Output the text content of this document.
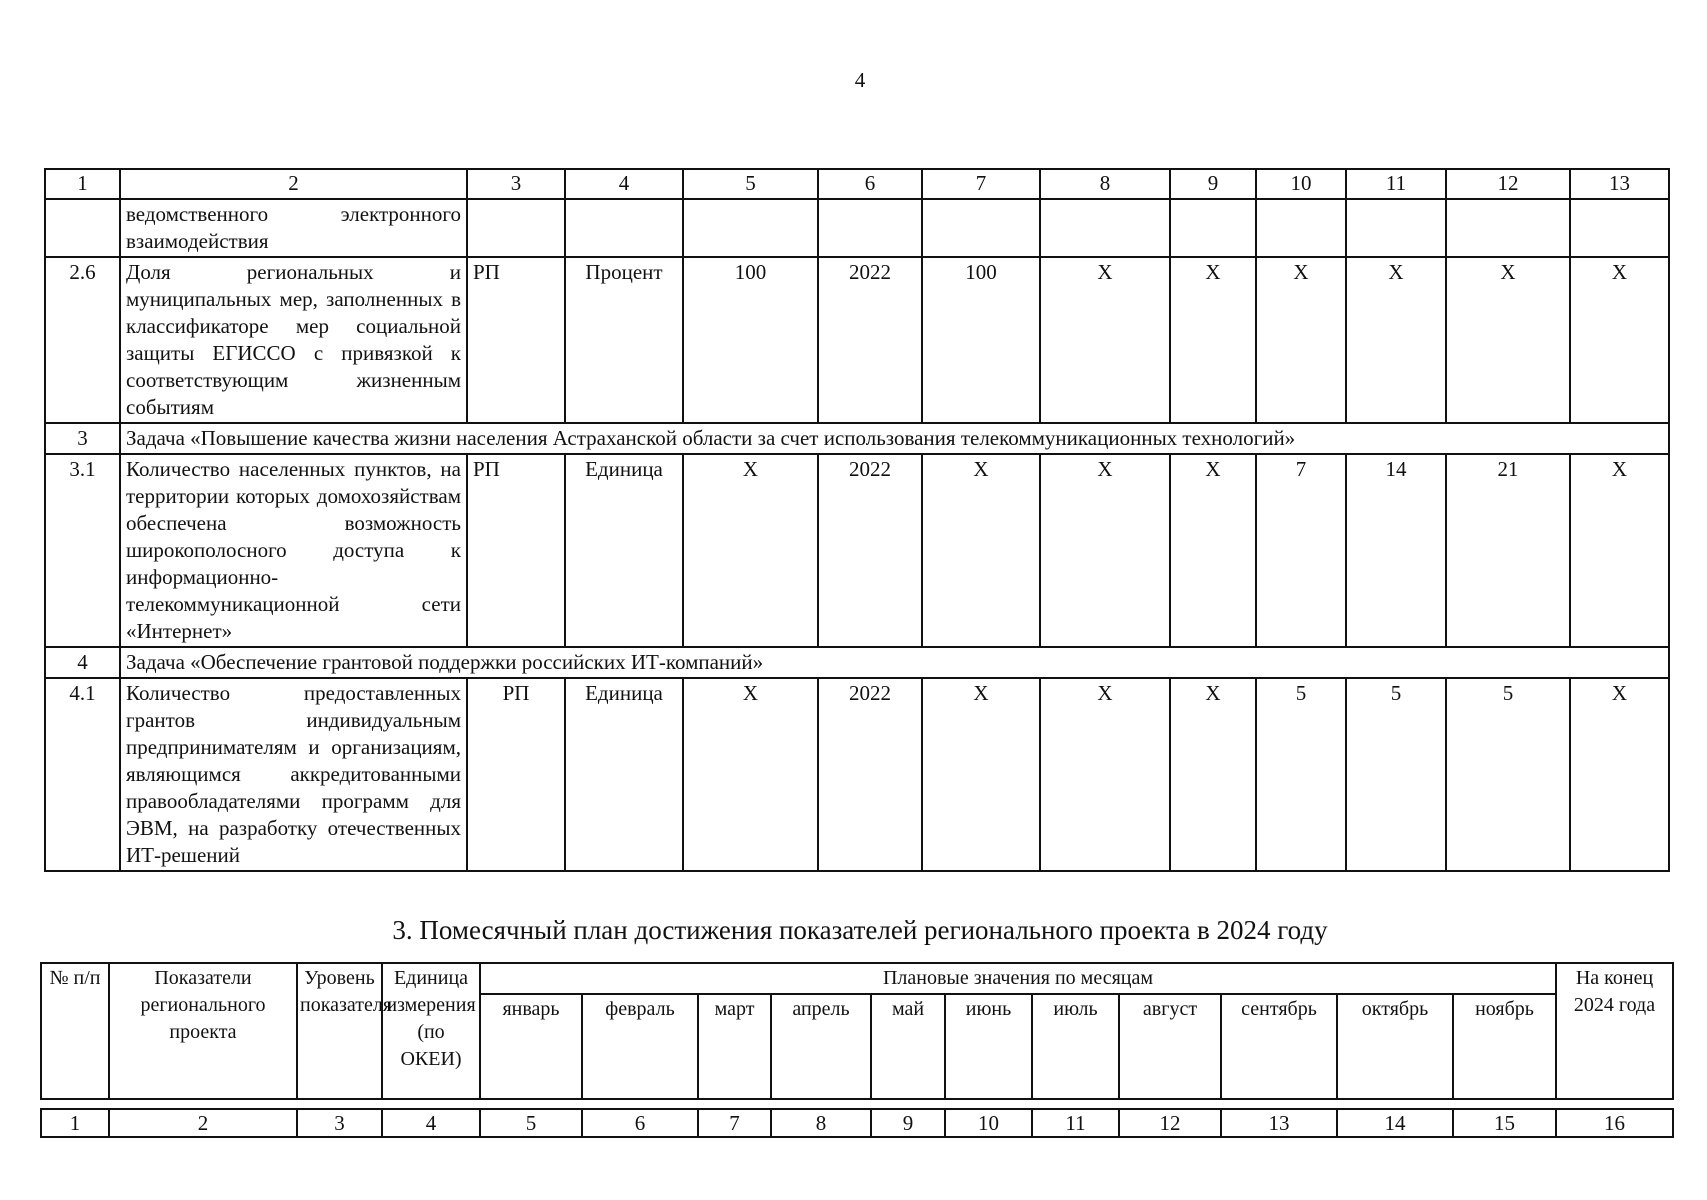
4
1	2	3	4	5	6	7	8	9	10	11	12	13
	ведомственного электронного взаимодействия											
2.6	Доля региональных и муниципальных мер, заполненных в классификаторе мер социальной защиты ЕГИССО с привязкой к соответствующим жизненным событиям	РП	Процент	100	2022	100	X	X	X	X	X	X
3	Задача «Повышение качества жизни населения Астраханской области за счет использования телекоммуникационных технологий»											
3.1	Количество населенных пунктов, на территории которых домохозяйствам обеспечена возможность широкополосного доступа к информационно-телекоммуникационной сети «Интернет»	РП	Единица	X	2022	X	X	X	7	14	21	X
4	Задача «Обеспечение грантовой поддержки российских ИТ-компаний»											
4.1	Количество предоставленных грантов индивидуальным предпринимателям и организациям, являющимся аккредитованными правообладателями программ для ЭВМ, на разработку отечественных ИТ-решений	РП	Единица	X	2022	X	X	X	5	5	5	X
3. Помесячный план достижения показателей регионального проекта в 2024 году
№ п/п	Показатели регионального проекта	Уровень показателя	Единица измерения (по ОКЕИ)	Плановые значения по месяцам											На конец 2024 года
				январь	февраль	март	апрель	май	июнь	июль	август	сентябрь	октябрь	ноябрь	
1	2	3	4	5	6	7	8	9	10	11	12	13	14	15	16
